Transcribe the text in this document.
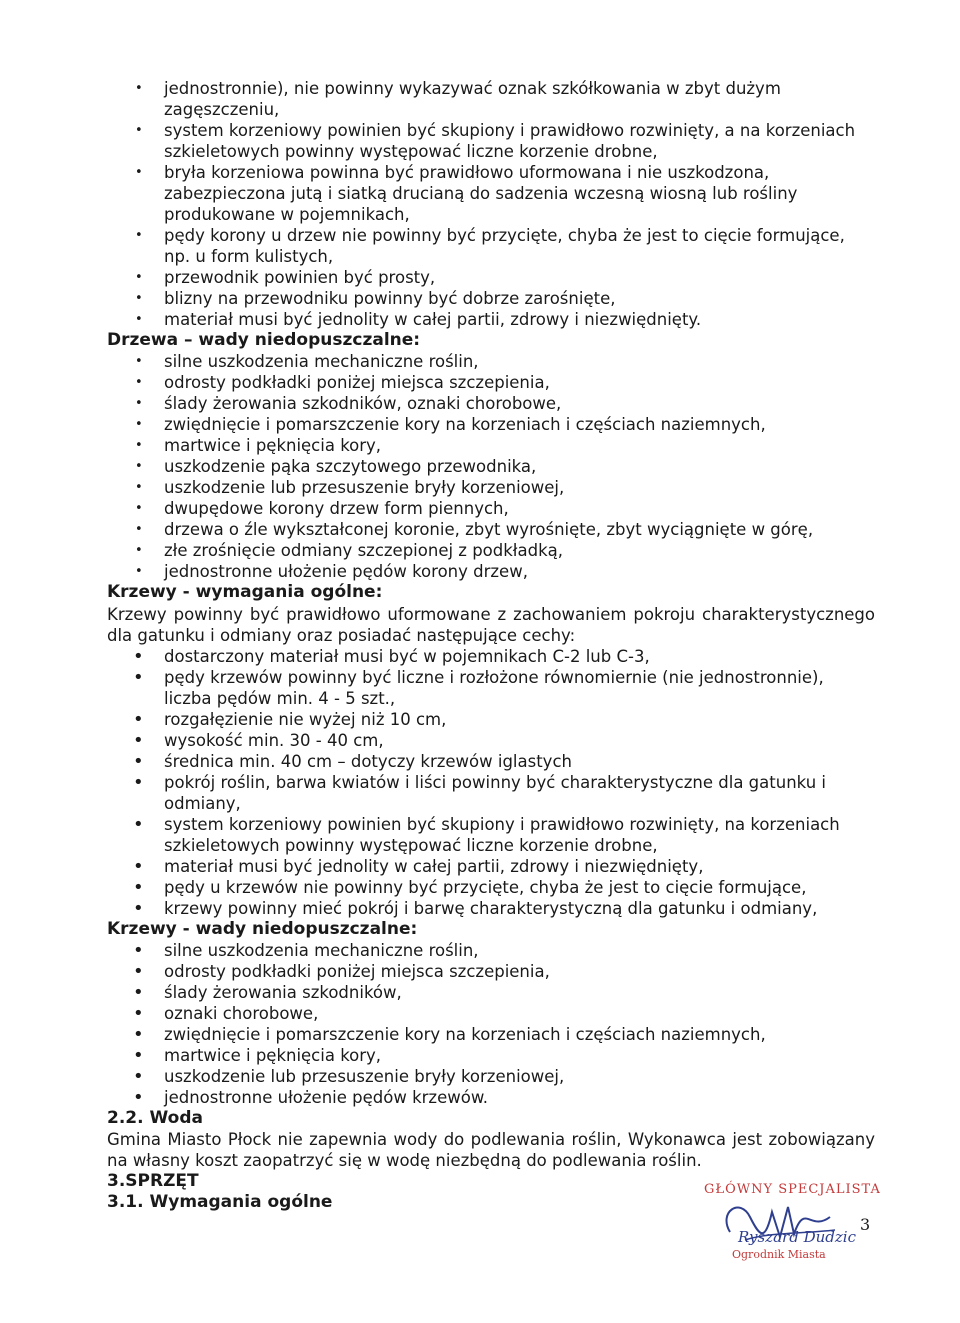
• jednostronnie), nie powinny wykazywać oznak szkółkowania w zbyt dużym zagęszczeniu,
• system korzeniowy powinien być skupiony i prawidłowo rozwinięty, a na korzeniach szkieletowych powinny występować liczne korzenie drobne,
• bryła korzeniowa powinna być prawidłowo uformowana i nie uszkodzona, zabezpieczona jutą i siatką drucianą do sadzenia wczesną wiosną lub rośliny produkowane w pojemnikach,
• pędy korony u drzew nie powinny być przycięte, chyba że jest to cięcie formujące, np. u form kulistych,
• przewodnik powinien być prosty,
• blizny na przewodniku powinny być dobrze zarośnięte,
• materiał musi być jednolity w całej partii, zdrowy i niezwiędnięty.
Drzewa – wady niedopuszczalne:
• silne uszkodzenia mechaniczne roślin,
• odrosty podkładki poniżej miejsca szczepienia,
• ślady żerowania szkodników, oznaki chorobowe,
• zwiędnięcie i pomarszczenie kory na korzeniach i częściach naziemnych,
• martwice i pęknięcia kory,
• uszkodzenie pąka szczytowego przewodnika,
• uszkodzenie lub przesuszenie bryły korzeniowej,
• dwupędowe korony drzew form piennych,
• drzewa o źle wykształconej koronie, zbyt wyrośnięte, zbyt wyciągnięte w górę,
• złe zrośnięcie odmiany szczepionej z podkładką,
• jednostronne ułożenie pędów korony drzew,
Krzewy - wymagania ogólne:

Krzewy powinny być prawidłowo uformowane z zachowaniem pokroju charakterystycznego dla gatunku i odmiany oraz posiadać następujące cechy:

• dostarczony materiał musi być w pojemnikach C-2 lub C-3,
• pędy krzewów powinny być liczne i rozłożone równomiernie (nie jednostronnie), liczba pędów min. 4 - 5 szt.,
• rozgałęzienie nie wyżej niż 10 cm,
• wysokość min. 30 - 40 cm,
• średnica min. 40 cm – dotyczy krzewów iglastych
• pokrój roślin, barwa kwiatów i liści powinny być charakterystyczne dla gatunku i odmiany,
• system korzeniowy powinien być skupiony i prawidłowo rozwinięty, na korzeniach szkieletowych powinny występować liczne korzenie drobne,
• materiał musi być jednolity w całej partii, zdrowy i niezwiędnięty,
• pędy u krzewów nie powinny być przycięte, chyba że jest to cięcie formujące,
• krzewy powinny mieć pokrój i barwę charakterystyczną dla gatunku i odmiany,
Krzewy - wady niedopuszczalne:
• silne uszkodzenia mechaniczne roślin,
• odrosty podkładki poniżej miejsca szczepienia,
• ślady żerowania szkodników,
• oznaki chorobowe,
• zwiędnięcie i pomarszczenie kory na korzeniach i częściach naziemnych,
• martwice i pęknięcia kory,
• uszkodzenie lub przesuszenie bryły korzeniowej,
• jednostronne ułożenie pędów krzewów.
2.2. Woda

Gmina Miasto Płock nie zapewnia wody do podlewania roślin, Wykonawca jest zobowiązany na własny koszt zaopatrzyć się w wodę niezbędną do podlewania roślin.

3.SPRZĘT
3.1. Wymagania ogólne
GŁÓWNY SPECJALISTA
Ryszard Dudzic
Ogrodnik Miasta
3
